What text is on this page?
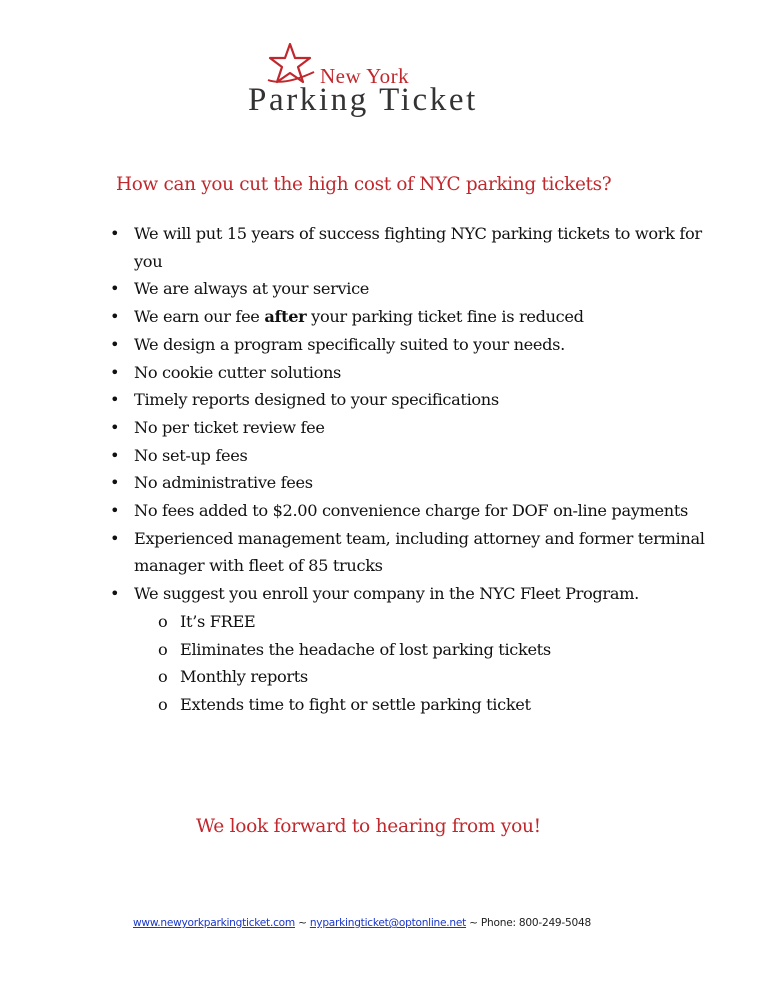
New York
Parking Ticket
How can you cut the high cost of NYC parking tickets?
• We will put 15 years of success fighting NYC parking tickets to work for you
• We are always at your service
• We earn our fee after your parking ticket fine is reduced
• We design a program specifically suited to your needs.
• No cookie cutter solutions
• Timely reports designed to your specifications
• No per ticket review fee
• No set-up fees
• No administrative fees
• No fees added to $2.00 convenience charge for DOF on-line payments
• Experienced management team, including attorney and former terminal manager with fleet of 85 trucks
• We suggest you enroll your company in the NYC Fleet Program.
o It’s FREE
o Eliminates the headache of lost parking tickets
o Monthly reports
o Extends time to fight or settle parking ticket
We look forward to hearing from you!
www.newyorkparkingticket.com ~ nyparkingticket@optonline.net ~ Phone: 800-249-5048
